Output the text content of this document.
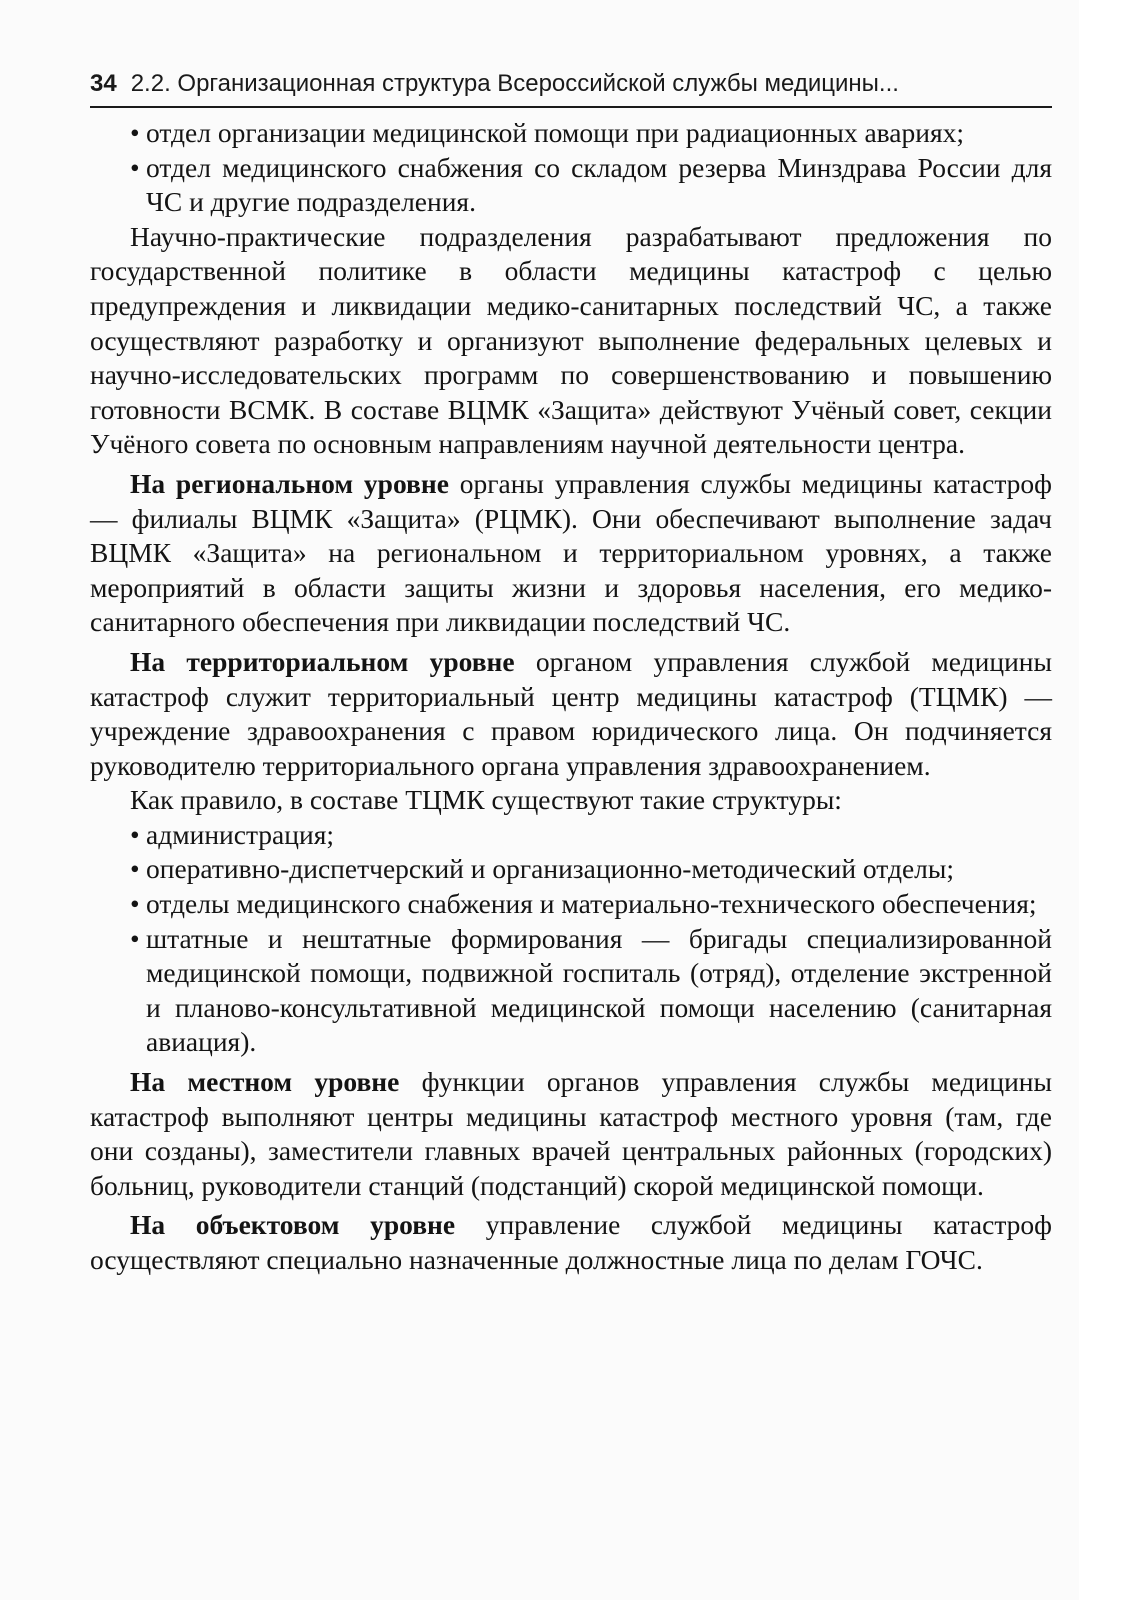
34 2.2. Организационная структура Всероссийской службы медицины...
• отдел организации медицинской помощи при радиационных авариях;
• отдел медицинского снабжения со складом резерва Минздрава России для ЧС и другие подразделения.

Научно-практические подразделения разрабатывают предложения по государственной политике в области медицины катастроф с целью предупреждения и ликвидации медико-санитарных последствий ЧС, а также осуществляют разработку и организуют выполнение федеральных целевых и научно-исследовательских программ по совершенствованию и повышению готовности ВСМК. В составе ВЦМК «Защита» действуют Учёный совет, секции Учёного совета по основным направлениям научной деятельности центра.

На региональном уровне органы управления службы медицины катастроф — филиалы ВЦМК «Защита» (РЦМК). Они обеспечивают выполнение задач ВЦМК «Защита» на региональном и территориальном уровнях, а также мероприятий в области защиты жизни и здоровья населения, его медико-санитарного обеспечения при ликвидации последствий ЧС.

На территориальном уровне органом управления службой медицины катастроф служит территориальный центр медицины катастроф (ТЦМК) — учреждение здравоохранения с правом юридического лица. Он подчиняется руководителю территориального органа управления здравоохранением.

Как правило, в составе ТЦМК существуют такие структуры:

• администрация;
• оперативно-диспетчерский и организационно-методический отделы;
• отделы медицинского снабжения и материально-технического обеспечения;
• штатные и нештатные формирования — бригады специализированной медицинской помощи, подвижной госпиталь (отряд), отделение экстренной и планово-консультативной медицинской помощи населению (санитарная авиация).

На местном уровне функции органов управления службы медицины катастроф выполняют центры медицины катастроф местного уровня (там, где они созданы), заместители главных врачей центральных районных (городских) больниц, руководители станций (подстанций) скорой медицинской помощи.

На объектовом уровне управление службой медицины катастроф осуществляют специально назначенные должностные лица по делам ГОЧС.
